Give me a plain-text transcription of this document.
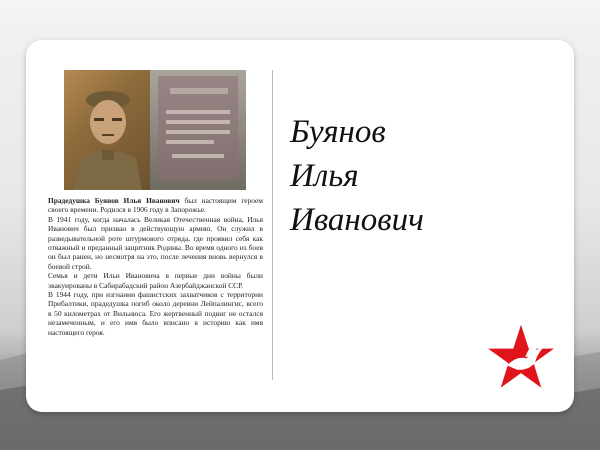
Прадедушка Буянов Илья Иванович был настоящим героем своего времени. Родился в 1906 году в Запорожье.

В 1941 году, когда началась Великая Отечественная война, Илья Иванович был призван в действующую армию. Он служил в разведывательной роте штурмового отряда, где проявил себя как отважный и преданный защитник Родины. Во время одного из боев он был ранен, но несмотря на это, после лечения вновь вернулся в боевой строй.

Семья и дети Ильи Ивановича в первые дни войны были эвакуированы в Сабирабадский район Азербайджанской ССР.

В 1944 году, при изгнании фашистских захватчиков с территории Прибалтики, прадедушка погиб около деревни Лейпалингис, всего в 50 километрах от Вильнюса. Его жертвенный подвиг не остался незамеченным, и его имя было вписано в историю как имя настоящего героя.

Буянов
Илья
Иванович
